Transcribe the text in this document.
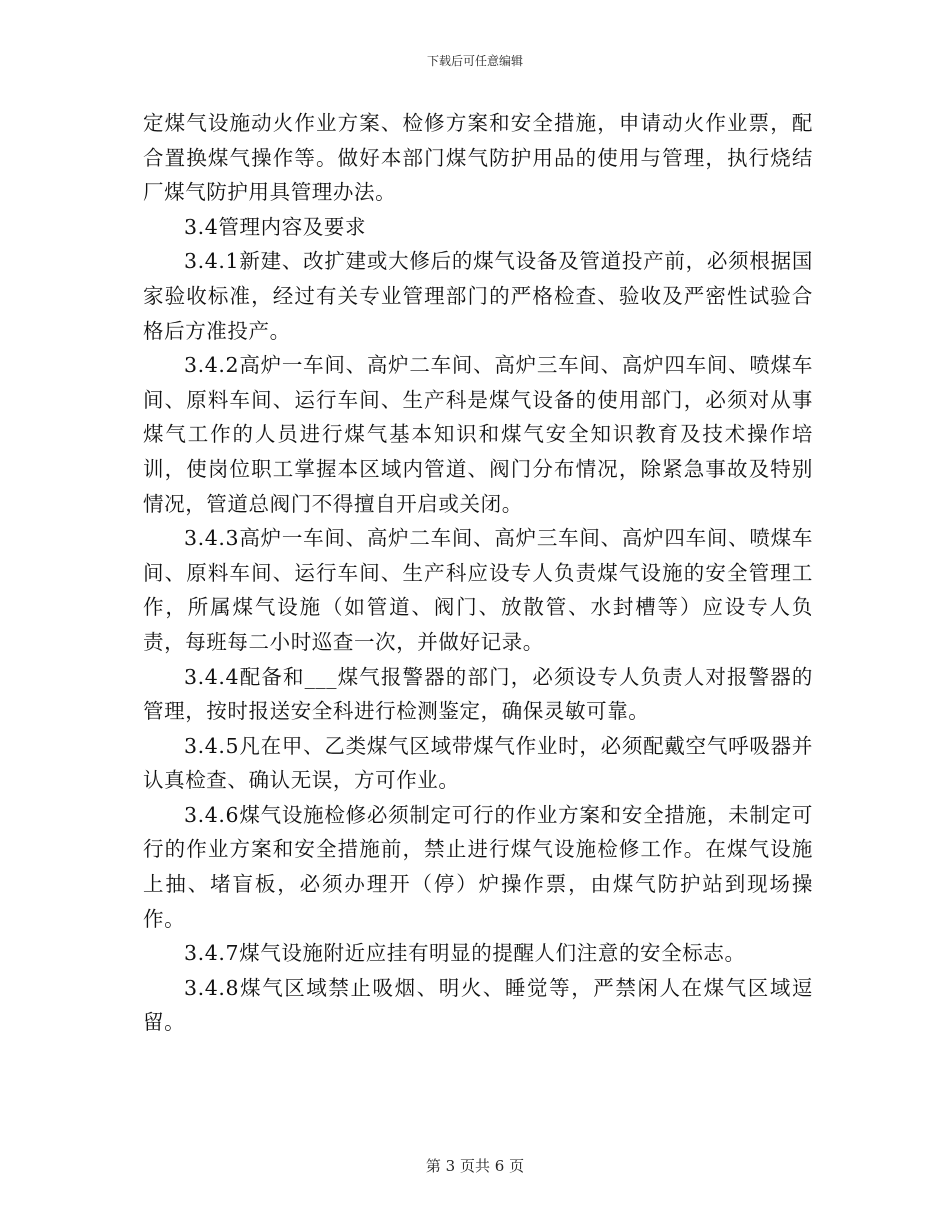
下载后可任意编辑

定煤气设施动火作业方案、检修方案和安全措施，申请动火作业票，配合置换煤气操作等。做好本部门煤气防护用品的使用与管理，执行烧结厂煤气防护用具管理办法。

3.4管理内容及要求

3.4.1新建、改扩建或大修后的煤气设备及管道投产前，必须根据国家验收标准，经过有关专业管理部门的严格检查、验收及严密性试验合格后方准投产。

3.4.2高炉一车间、高炉二车间、高炉三车间、高炉四车间、喷煤车间、原料车间、运行车间、生产科是煤气设备的使用部门，必须对从事煤气工作的人员进行煤气基本知识和煤气安全知识教育及技术操作培训，使岗位职工掌握本区域内管道、阀门分布情况，除紧急事故及特别情况，管道总阀门不得擅自开启或关闭。

3.4.3高炉一车间、高炉二车间、高炉三车间、高炉四车间、喷煤车间、原料车间、运行车间、生产科应设专人负责煤气设施的安全管理工作，所属煤气设施（如管道、阀门、放散管、水封槽等）应设专人负责，每班每二小时巡查一次，并做好记录。

3.4.4配备和___煤气报警器的部门，必须设专人负责人对报警器的管理，按时报送安全科进行检测鉴定，确保灵敏可靠。

3.4.5凡在甲、乙类煤气区域带煤气作业时，必须配戴空气呼吸器并认真检查、确认无误，方可作业。

3.4.6煤气设施检修必须制定可行的作业方案和安全措施，未制定可行的作业方案和安全措施前，禁止进行煤气设施检修工作。在煤气设施上抽、堵盲板，必须办理开（停）炉操作票，由煤气防护站到现场操作。

3.4.7煤气设施附近应挂有明显的提醒人们注意的安全标志。

3.4.8煤气区域禁止吸烟、明火、睡觉等，严禁闲人在煤气区域逗留。

第 3 页共 6 页
